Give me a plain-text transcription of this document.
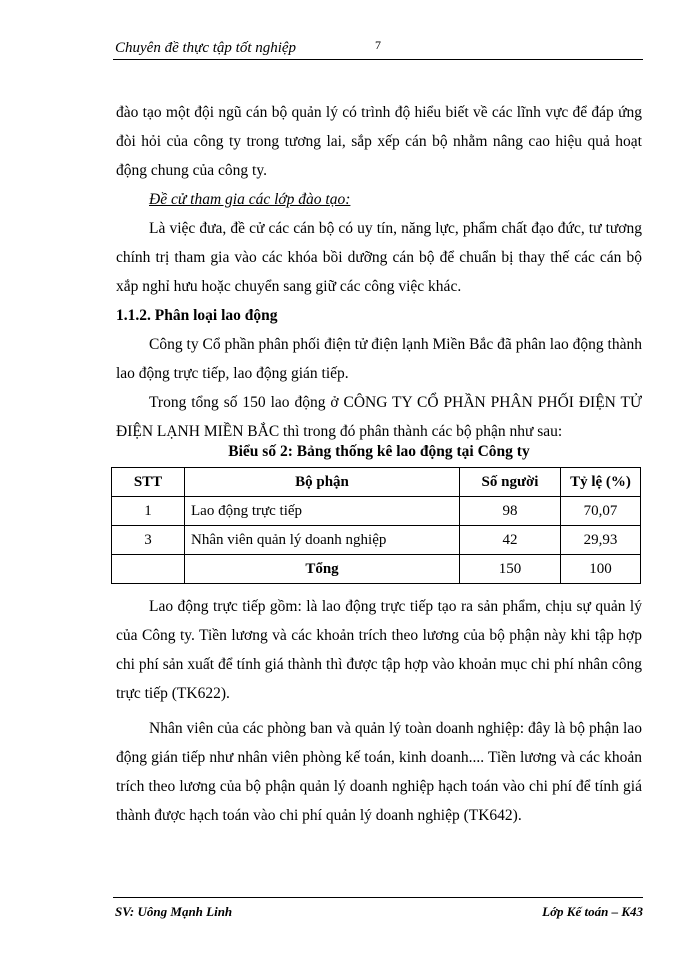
Chuyên đề thực tập tốt nghiệp	7

đào tạo một đội ngũ cán bộ quản lý có trình độ hiểu biết về các lĩnh vực để đáp ứng đòi hỏi của công ty trong tương lai, sắp xếp cán bộ nhằm nâng cao hiệu quả hoạt động chung của công ty.

Đề cử tham gia các lớp đào tạo:

Là việc đưa, đề cử các cán bộ có uy tín, năng lực, phẩm chất đạo đức, tư tương chính trị tham gia vào các khóa bồi dưỡng cán bộ để chuẩn bị thay thế các cán bộ xắp nghỉ hưu hoặc chuyển sang giữ các công việc khác.

1.1.2. Phân loại lao động

Công ty Cổ phần phân phối điện tử điện lạnh Miền Bắc đã phân lao động thành lao động trực tiếp, lao động gián tiếp.

Trong tổng số 150 lao động ở CÔNG TY CỔ PHẦN PHÂN PHỐI ĐIỆN TỬ ĐIỆN LẠNH MIỀN BẮC thì trong đó phân thành các bộ phận như sau:

Biểu số 2: Bảng thống kê lao động tại Công ty

STT	Bộ phận	Số người	Tỷ lệ (%)
1	Lao động trực tiếp	98	70,07
3	Nhân viên quản lý doanh nghiệp	42	29,93
	Tổng	150	100

Lao động trực tiếp gồm: là lao động trực tiếp tạo ra sản phẩm, chịu sự quản lý của Công ty. Tiền lương và các khoản trích theo lương của bộ phận này khi tập hợp chi phí sản xuất để tính giá thành thì được tập hợp vào khoản mục chi phí nhân công trực tiếp (TK622).

Nhân viên của các phòng ban và quản lý toàn doanh nghiệp: đây là bộ phận lao động gián tiếp như nhân viên phòng kế toán, kinh doanh.... Tiền lương và các khoản trích theo lương của bộ phận quản lý doanh nghiệp hạch toán vào chi phí để tính giá thành được hạch toán vào chi phí quản lý doanh nghiệp (TK642).

SV: Uông Mạnh Linh	Lớp Kế toán – K43
